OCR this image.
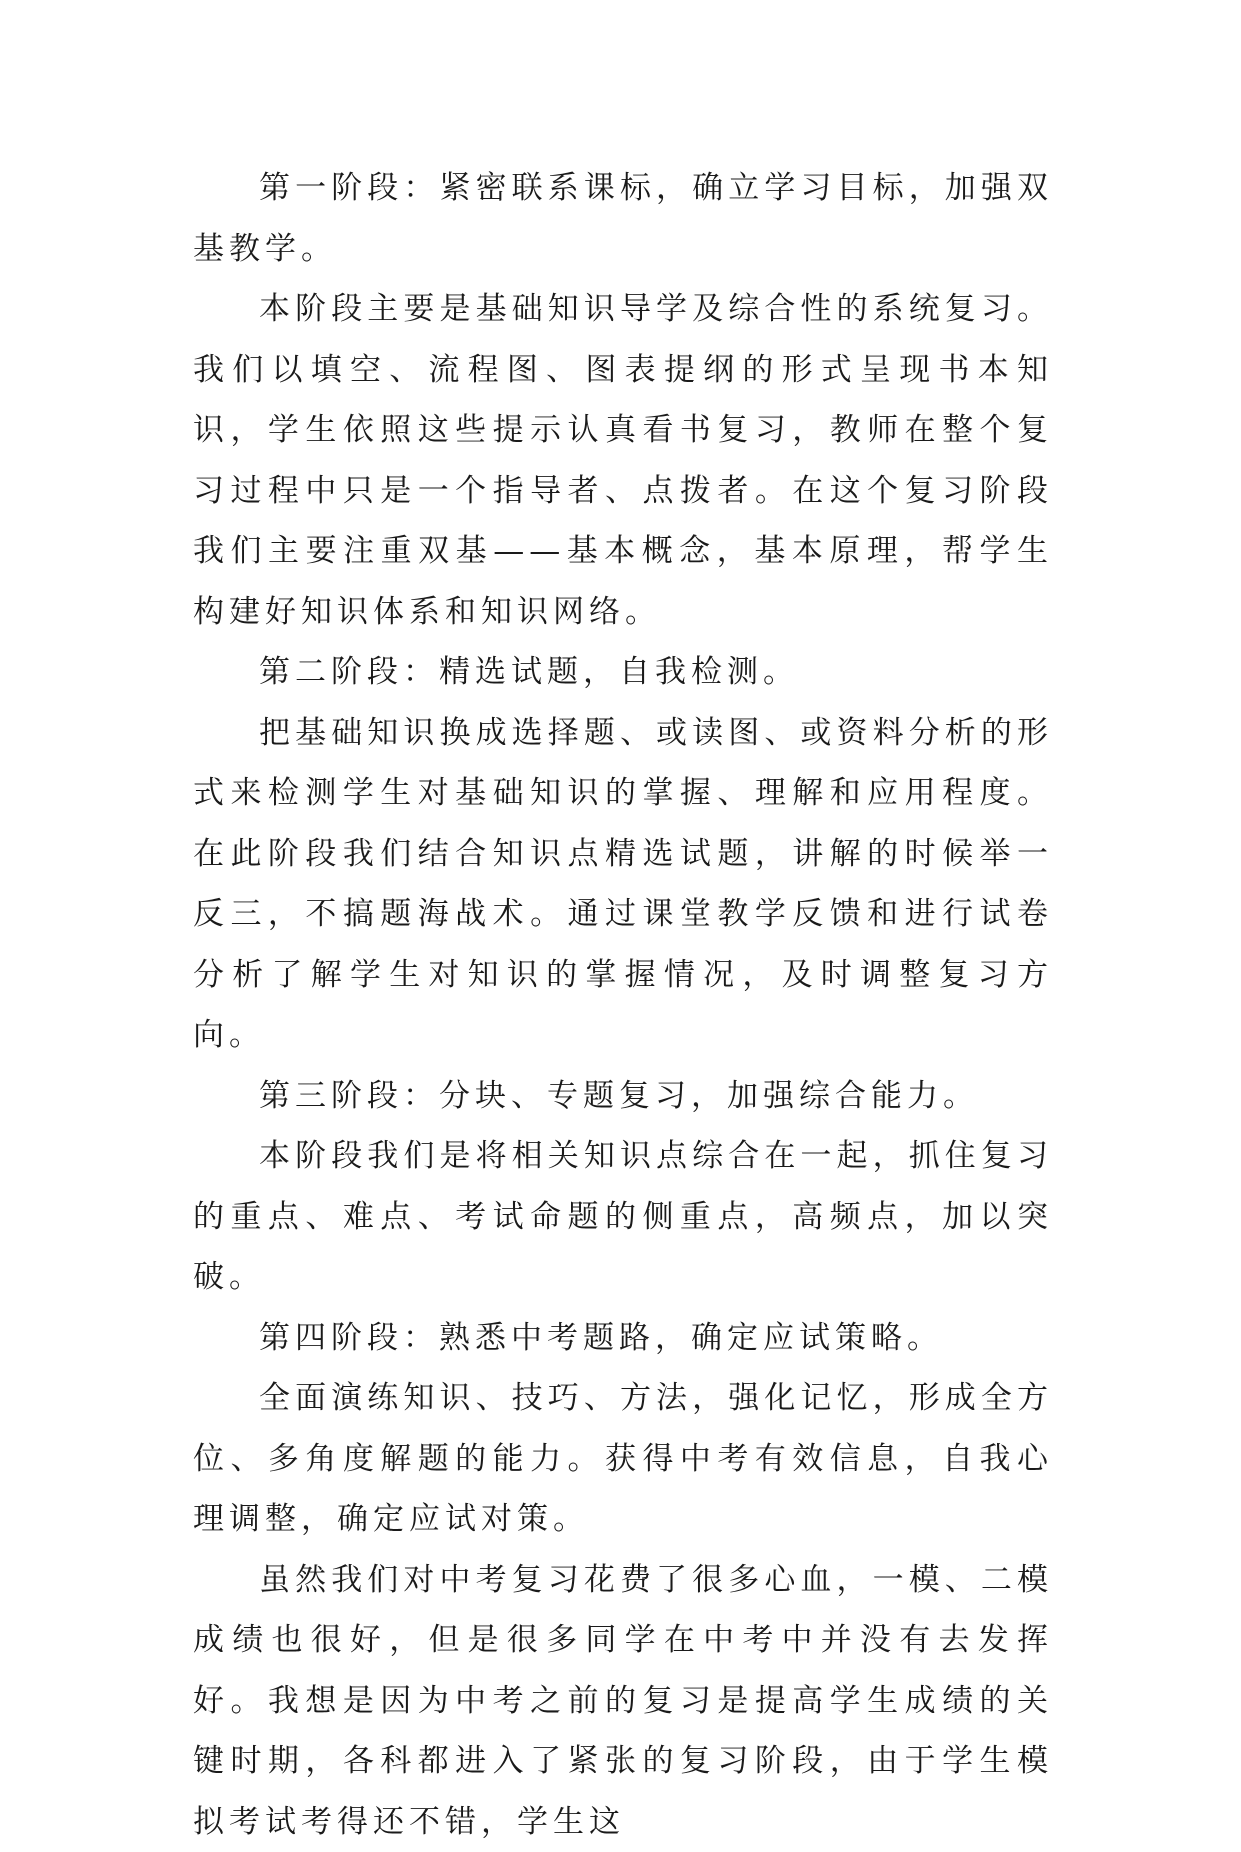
第一阶段：紧密联系课标，确立学习目标，加强双基教学。

本阶段主要是基础知识导学及综合性的系统复习。我们以填空、流程图、图表提纲的形式呈现书本知识，学生依照这些提示认真看书复习，教师在整个复习过程中只是一个指导者、点拨者。在这个复习阶段我们主要注重双基——基本概念，基本原理，帮学生构建好知识体系和知识网络。

第二阶段：精选试题，自我检测。

把基础知识换成选择题、或读图、或资料分析的形式来检测学生对基础知识的掌握、理解和应用程度。在此阶段我们结合知识点精选试题，讲解的时候举一反三，不搞题海战术。通过课堂教学反馈和进行试卷分析了解学生对知识的掌握情况，及时调整复习方向。

第三阶段：分块、专题复习，加强综合能力。

本阶段我们是将相关知识点综合在一起，抓住复习的重点、难点、考试命题的侧重点，高频点，加以突破。

第四阶段：熟悉中考题路，确定应试策略。

全面演练知识、技巧、方法，强化记忆，形成全方位、多角度解题的能力。获得中考有效信息，自我心理调整，确定应试对策。

虽然我们对中考复习花费了很多心血，一模、二模成绩也很好，但是很多同学在中考中并没有去发挥好。我想是因为中考之前的复习是提高学生成绩的关键时期，各科都进入了紧张的复习阶段，由于学生模拟考试考得还不错，学生这
